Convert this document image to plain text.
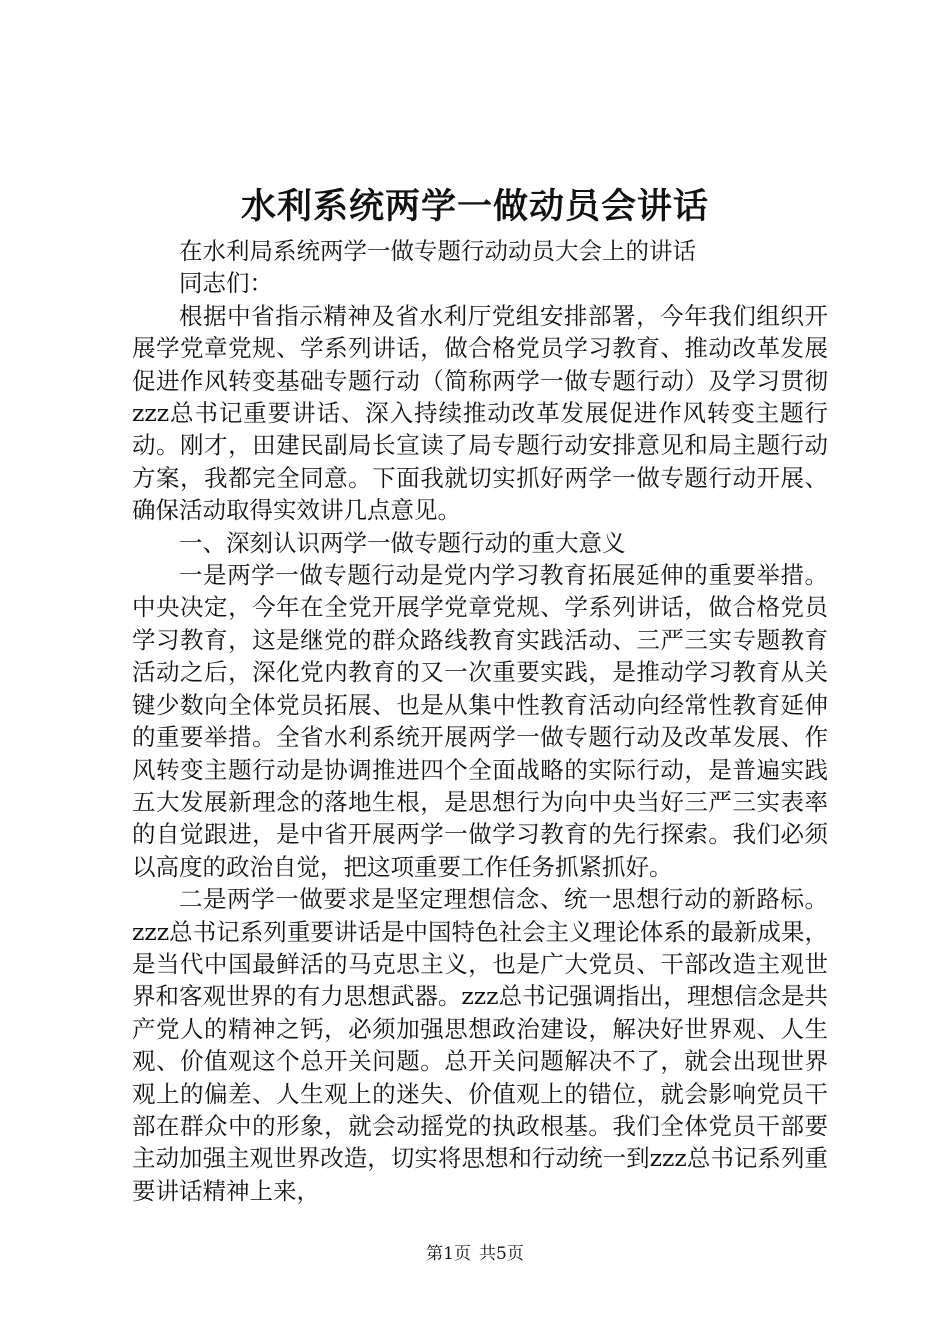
水利系统两学一做动员会讲话

在水利局系统两学一做专题行动动员大会上的讲话

同志们：

根据中省指示精神及省水利厅党组安排部署，今年我们组织开展学党章党规、学系列讲话，做合格党员学习教育、推动改革发展促进作风转变基础专题行动（简称两学一做专题行动）及学习贯彻zzz总书记重要讲话、深入持续推动改革发展促进作风转变主题行动。刚才，田建民副局长宣读了局专题行动安排意见和局主题行动方案，我都完全同意。下面我就切实抓好两学一做专题行动开展、确保活动取得实效讲几点意见。

一、深刻认识两学一做专题行动的重大意义

一是两学一做专题行动是党内学习教育拓展延伸的重要举措。中央决定，今年在全党开展学党章党规、学系列讲话，做合格党员学习教育，这是继党的群众路线教育实践活动、三严三实专题教育活动之后，深化党内教育的又一次重要实践，是推动学习教育从关键少数向全体党员拓展、也是从集中性教育活动向经常性教育延伸的重要举措。全省水利系统开展两学一做专题行动及改革发展、作风转变主题行动是协调推进四个全面战略的实际行动，是普遍实践五大发展新理念的落地生根，是思想行为向中央当好三严三实表率的自觉跟进，是中省开展两学一做学习教育的先行探索。我们必须以高度的政治自觉，把这项重要工作任务抓紧抓好。

二是两学一做要求是坚定理想信念、统一思想行动的新路标。zzz总书记系列重要讲话是中国特色社会主义理论体系的最新成果，是当代中国最鲜活的马克思主义，也是广大党员、干部改造主观世界和客观世界的有力思想武器。zzz总书记强调指出，理想信念是共产党人的精神之钙，必须加强思想政治建设，解决好世界观、人生观、价值观这个总开关问题。总开关问题解决不了，就会出现世界观上的偏差、人生观上的迷失、价值观上的错位，就会影响党员干部在群众中的形象，就会动摇党的执政根基。我们全体党员干部要主动加强主观世界改造，切实将思想和行动统一到zzz总书记系列重要讲话精神上来，

第1页 共5页
